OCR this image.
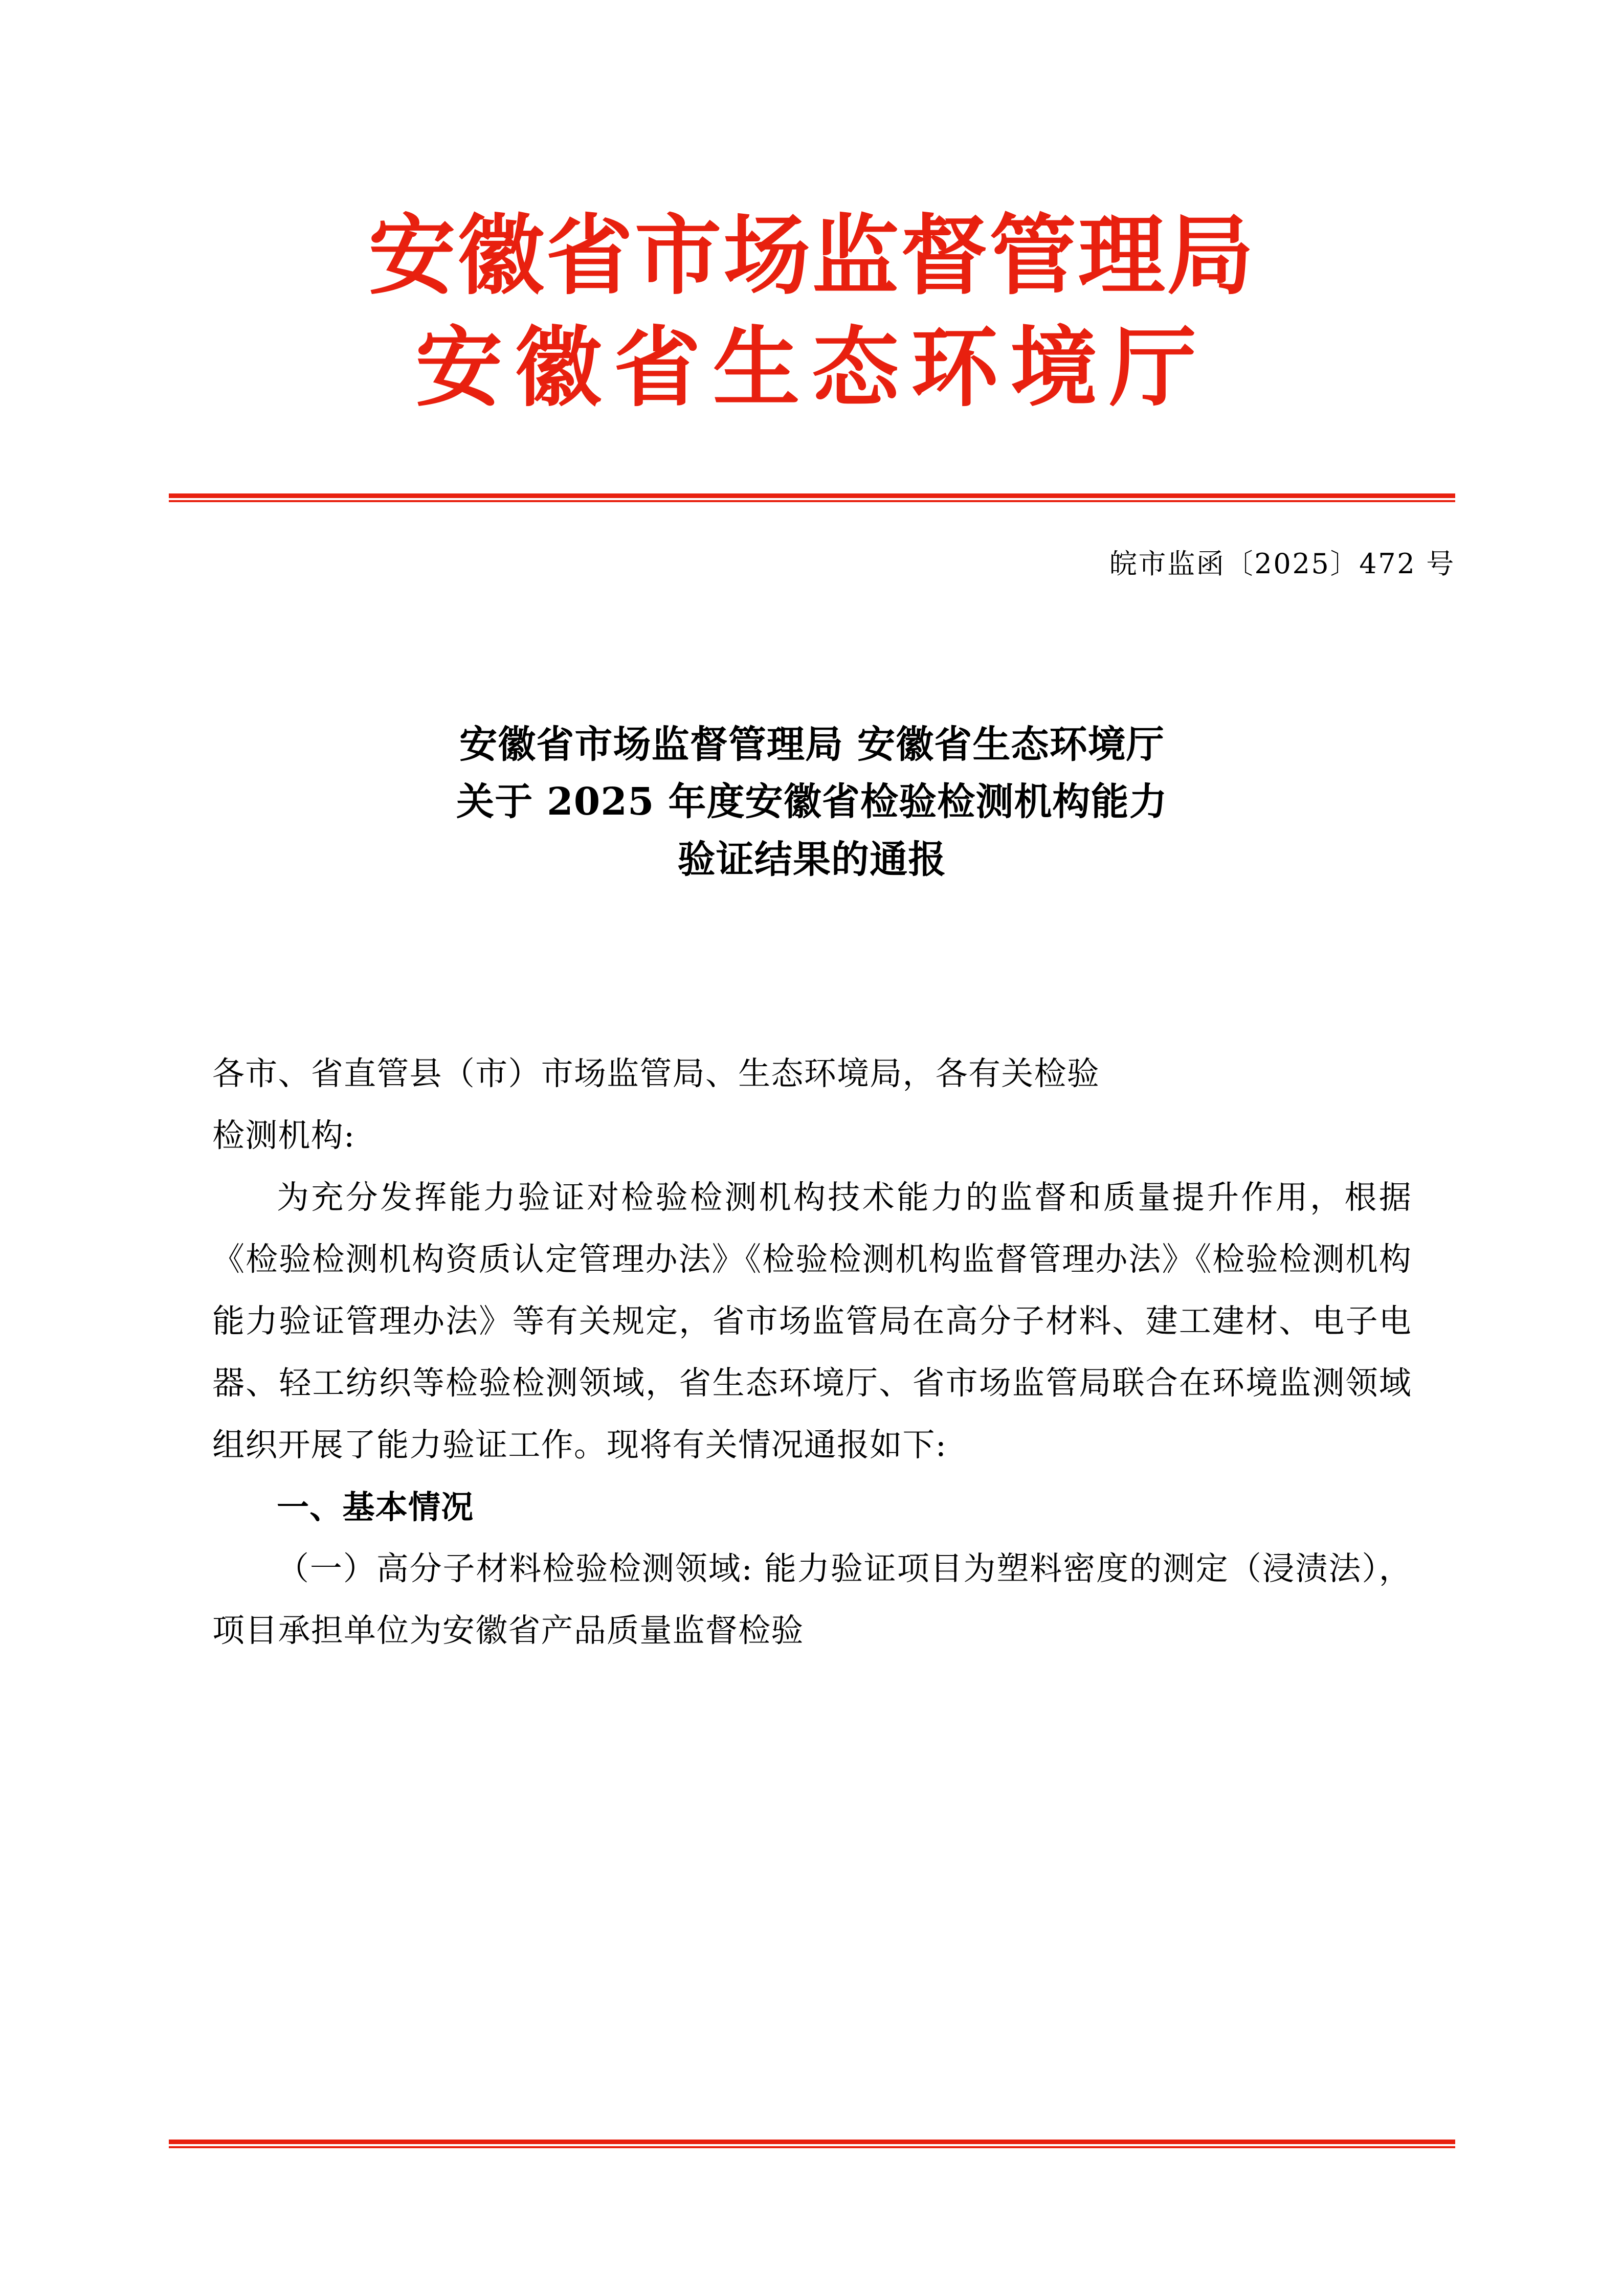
安徽省市场监督管理局
安徽省生态环境厅
皖市监函〔2025〕472 号
安徽省市场监督管理局 安徽省生态环境厅
关于 2025 年度安徽省检验检测机构能力
验证结果的通报

各市、省直管县（市）市场监管局、生态环境局，各有关检验

检测机构:

为充分发挥能力验证对检验检测机构技术能力的监督和质量提升作用，根据《检验检测机构资质认定管理办法》《检验检测机构监督管理办法》《检验检测机构能力验证管理办法》等有关规定，省市场监管局在高分子材料、建工建材、电子电器、轻工纺织等检验检测领域，省生态环境厅、省市场监管局联合在环境监测领域组织开展了能力验证工作。现将有关情况通报如下:

一、基本情况

（一）高分子材料检验检测领域: 能力验证项目为塑料密度的测定（浸渍法），项目承担单位为安徽省产品质量监督检验
